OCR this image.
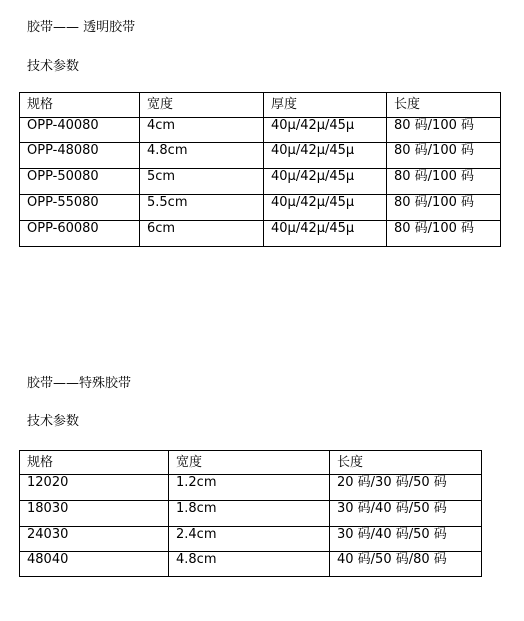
胶带—— 透明胶带
技术参数
规格	宽度	厚度	长度
OPP-40080	4cm	40μ/42μ/45μ	80 码/100 码
OPP-48080	4.8cm	40μ/42μ/45μ	80 码/100 码
OPP-50080	5cm	40μ/42μ/45μ	80 码/100 码
OPP-55080	5.5cm	40μ/42μ/45μ	80 码/100 码
OPP-60080	6cm	40μ/42μ/45μ	80 码/100 码
胶带——特殊胶带
技术参数
规格	宽度	长度
12020	1.2cm	20 码/30 码/50 码
18030	1.8cm	30 码/40 码/50 码
24030	2.4cm	30 码/40 码/50 码
48040	4.8cm	40 码/50 码/80 码
